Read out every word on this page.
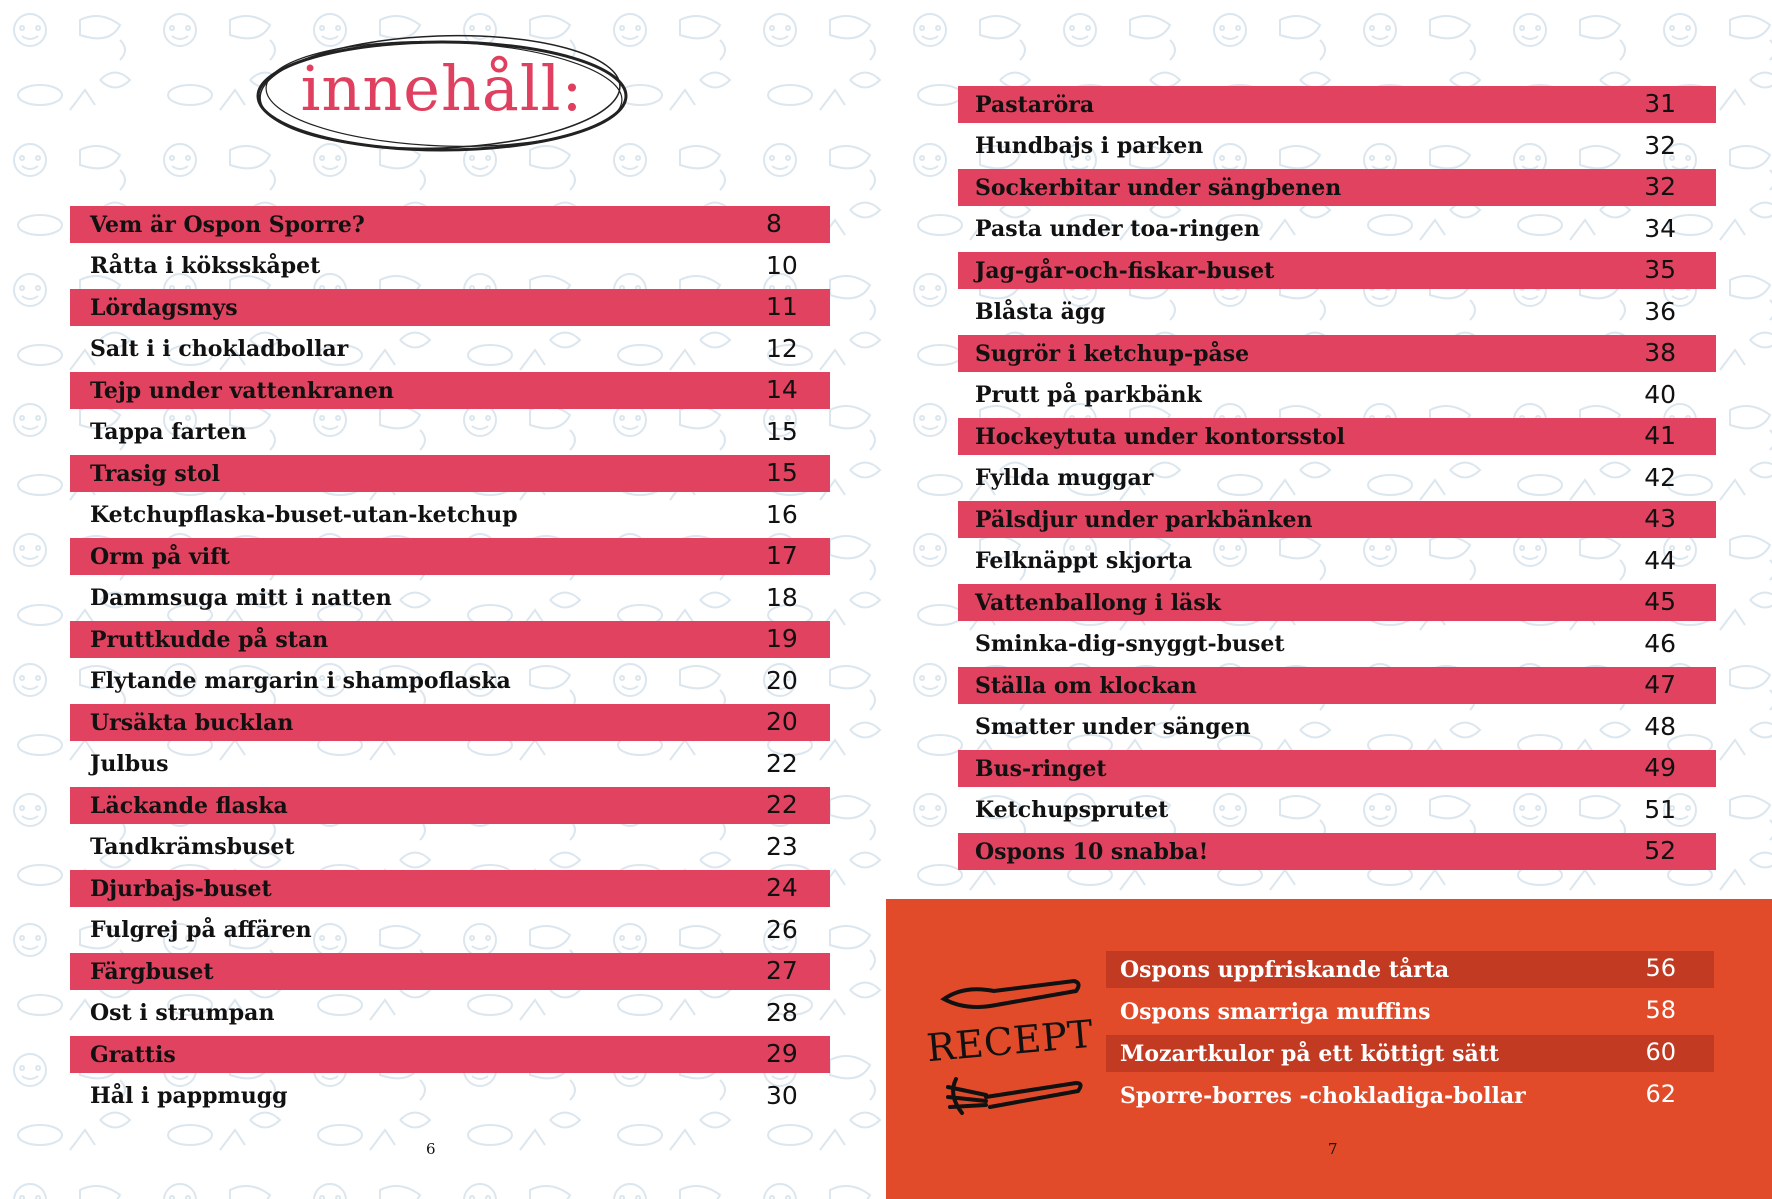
innehåll:
Vem är Ospon Sporre?	8
Råtta i köksskåpet	10
Lördagsmys	11
Salt i i chokladbollar	12
Tejp under vattenkranen	14
Tappa farten	15
Trasig stol	15
Ketchupflaska-buset-utan-ketchup	16
Orm på vift	17
Dammsuga mitt i natten	18
Pruttkudde på stan	19
Flytande margarin i shampoflaska	20
Ursäkta bucklan	20
Julbus	22
Läckande flaska	22
Tandkrämsbuset	23
Djurbajs-buset	24
Fulgrej på affären	26
Färgbuset	27
Ost i strumpan	28
Grattis	29
Hål i pappmugg	30
6
Pastaröra	31
Hundbajs i parken	32
Sockerbitar under sängbenen	32
Pasta under toa-ringen	34
Jag-går-och-fiskar-buset	35
Blåsta ägg	36
Sugrör i ketchup-påse	38
Prutt på parkbänk	40
Hockeytuta under kontorsstol	41
Fyllda muggar	42
Pälsdjur under parkbänken	43
Felknäppt skjorta	44
Vattenballong i läsk	45
Sminka-dig-snyggt-buset	46
Ställa om klockan	47
Smatter under sängen	48
Bus-ringet	49
Ketchupsprutet	51
Ospons 10 snabba!	52
RECEPT
Ospons uppfriskande tårta	56
Ospons smarriga muffins	58
Mozartkulor på ett köttigt sätt	60
Sporre-borres -chokladiga-bollar	62
7
